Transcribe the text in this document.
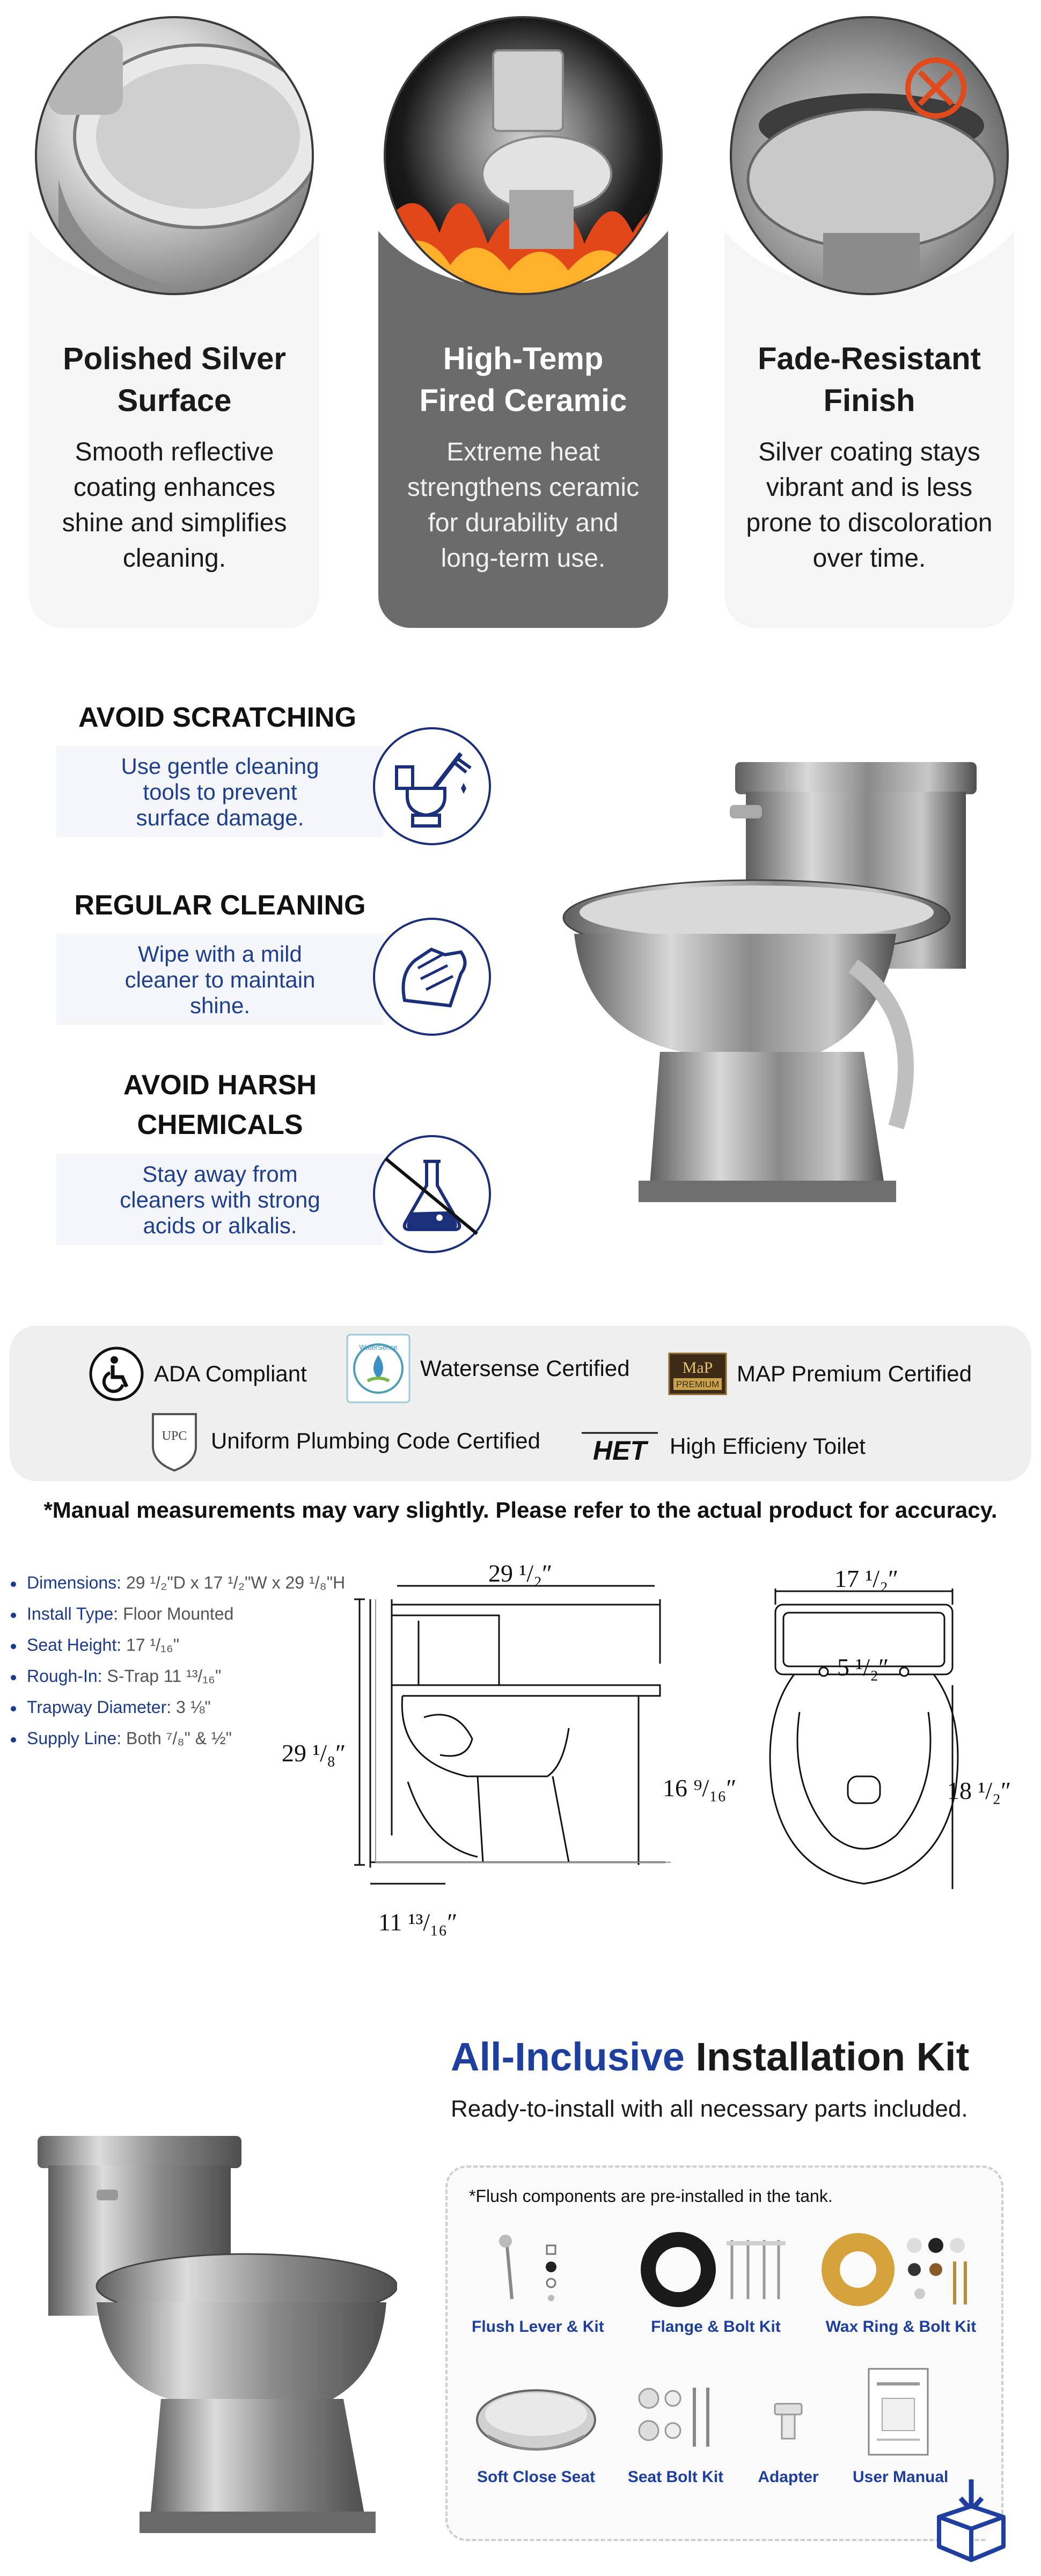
Polished Silver
Surface
Smooth reflective
coating enhances
shine and simplifies
cleaning.
High-Temp
Fired Ceramic
Extreme heat
strengthens ceramic
for durability and
long-term use.
Fade-Resistant
Finish
Silver coating stays
vibrant and is less
prone to discoloration
over time.
AVOID SCRATCHING
Use gentle cleaning
tools to prevent
surface damage.
REGULAR CLEANING
Wipe with a mild
cleaner to maintain
shine.
AVOID HARSH
CHEMICALS
Stay away from
cleaners with strong
acids or alkalis.
ADA Compliant
WaterSense
Watersense Certified	MaP
PREMIUM MAP Premium Certified
UPC Uniform Plumbing Code Certified HET High Efficieny Toilet
*Manual measurements may vary slightly. Please refer to the actual product for accuracy.
Dimensions: 29 ¹/₂"D x 17 ¹/₂"W x 29 ¹/₈"H
Install Type: Floor Mounted
Seat Height: 17 ¹/₁₆"
Rough-In: S-Trap 11 ¹³/₁₆"
Trapway Diameter: 3 ⅛"
Supply Line: Both ⁷/₈" & ½"
29 ¹/₂″
29 ¹/₈″
16 ⁹/₁₆″
11 ¹³/₁₆″
17 ¹/₂″
5 ¹/₂″
18 ¹/₂″
All-Inclusive Installation Kit
Ready-to-install with all necessary parts included.
*Flush components are pre-installed in the tank.
Flush Lever & Kit	Flange & Bolt Kit	Wax Ring & Bolt Kit
Soft Close Seat	Seat Bolt Kit	Adapter	User Manual
